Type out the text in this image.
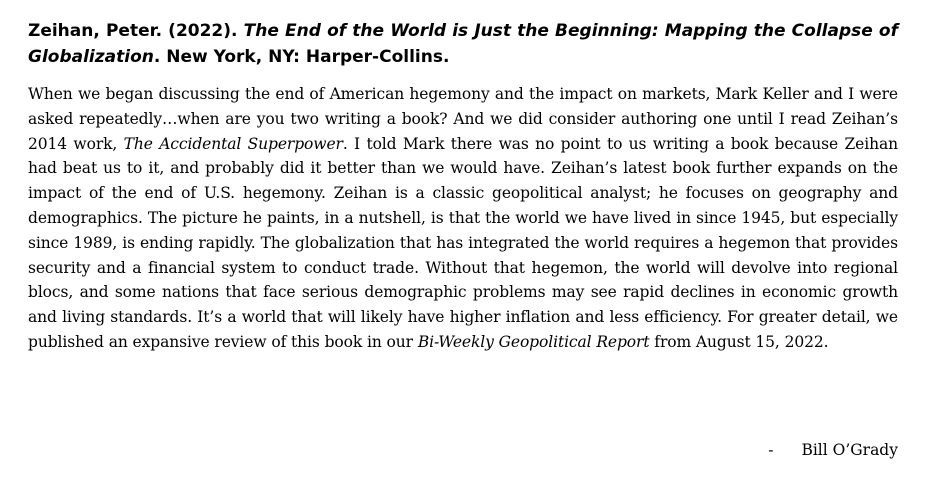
Zeihan, Peter. (2022). The End of the World is Just the Beginning: Mapping the Collapse of Globalization. New York, NY: Harper-Collins.

When we began discussing the end of American hegemony and the impact on markets, Mark Keller and I were asked repeatedly…when are you two writing a book? And we did consider authoring one until I read Zeihan’s 2014 work, The Accidental Superpower. I told Mark there was no point to us writing a book because Zeihan had beat us to it, and probably did it better than we would have. Zeihan’s latest book further expands on the impact of the end of U.S. hegemony. Zeihan is a classic geopolitical analyst; he focuses on geography and demographics. The picture he paints, in a nutshell, is that the world we have lived in since 1945, but especially since 1989, is ending rapidly. The globalization that has integrated the world requires a hegemon that provides security and a financial system to conduct trade. Without that hegemon, the world will devolve into regional blocs, and some nations that face serious demographic problems may see rapid declines in economic growth and living standards. It’s a world that will likely have higher inflation and less efficiency. For greater detail, we published an expansive review of this book in our Bi-Weekly Geopolitical Report from August 15, 2022.

- Bill O’Grady
